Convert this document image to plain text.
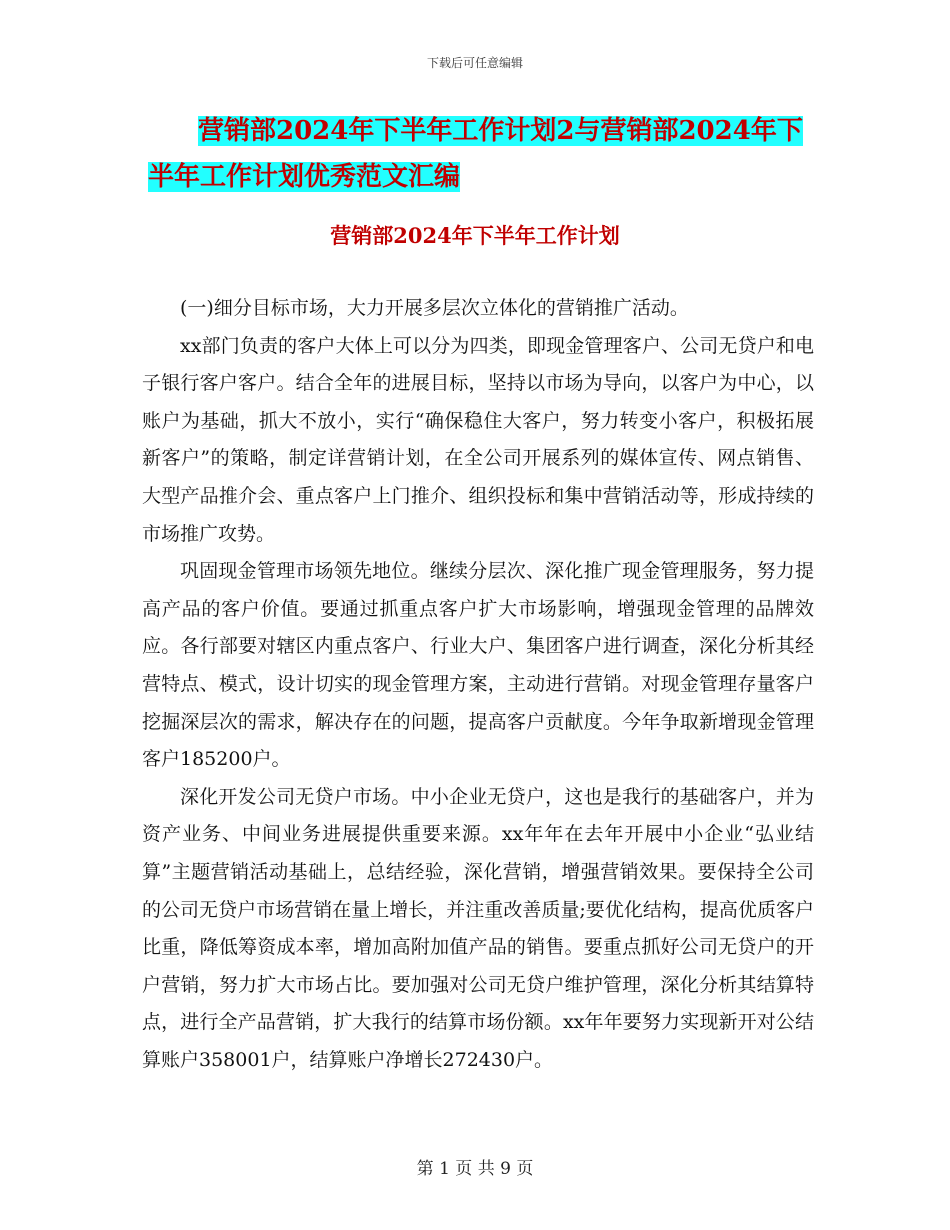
下载后可任意编辑
营销部2024年下半年工作计划2与营销部2024年下
半年工作计划优秀范文汇编
营销部2024年下半年工作计划

(一)细分目标市场，大力开展多层次立体化的营销推广活动。

xx部门负责的客户大体上可以分为四类，即现金管理客户、公司无贷户和电子银行客户客户。结合全年的进展目标，坚持以市场为导向，以客户为中心，以账户为基础，抓大不放小，实行“确保稳住大客户，努力转变小客户，积极拓展新客户”的策略，制定详营销计划，在全公司开展系列的媒体宣传、网点销售、大型产品推介会、重点客户上门推介、组织投标和集中营销活动等，形成持续的市场推广攻势。

巩固现金管理市场领先地位。继续分层次、深化推广现金管理服务，努力提高产品的客户价值。要通过抓重点客户扩大市场影响，增强现金管理的品牌效应。各行部要对辖区内重点客户、行业大户、集团客户进行调查，深化分析其经营特点、模式，设计切实的现金管理方案，主动进行营销。对现金管理存量客户挖掘深层次的需求，解决存在的问题，提高客户贡献度。今年争取新增现金管理客户185200户。

深化开发公司无贷户市场。中小企业无贷户，这也是我行的基础客户，并为资产业务、中间业务进展提供重要来源。xx年年在去年开展中小企业“弘业结算”主题营销活动基础上，总结经验，深化营销，增强营销效果。要保持全公司的公司无贷户市场营销在量上增长，并注重改善质量;要优化结构，提高优质客户比重，降低筹资成本率，增加高附加值产品的销售。要重点抓好公司无贷户的开户营销，努力扩大市场占比。要加强对公司无贷户维护管理，深化分析其结算特点，进行全产品营销，扩大我行的结算市场份额。xx年年要努力实现新开对公结算账户358001户，结算账户净增长272430户。

第 1 页 共 9 页
